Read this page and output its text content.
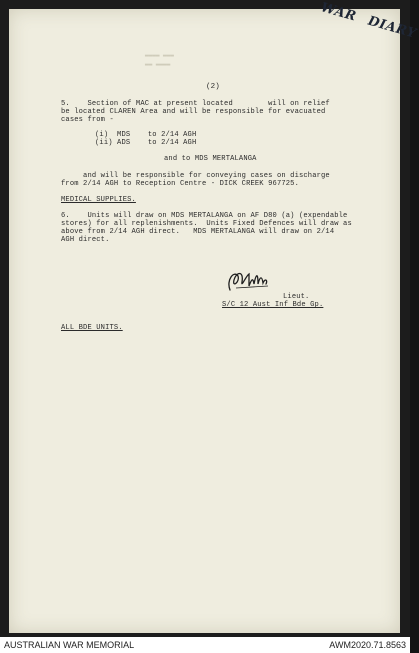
▂▂▂▂ ▂▂▂
▂▂ ▂▂▂▂
WAR
DIARY
(2)
5.    Section of MAC at present located        will on relief
be located CLAREN Area and will be responsible for evacuated
cases from -
(i)  MDS    to 2/14 AGH
(ii) ADS    to 2/14 AGH
and to MDS MERTALANGA
and will be responsible for conveying cases on discharge
from 2/14 AGH to Reception Centre - DICK CREEK 967725.
MEDICAL SUPPLIES.
6.    Units will draw on MDS MERTALANGA on AF D80 (a) (expendable
stores) for all replenishments.  Units Fixed Defences will draw as
above from 2/14 AGH direct.   MDS MERTALANGA will draw on 2/14
AGH direct.
Lieut.
S/C 12 Aust Inf Bde Gp.
ALL BDE UNITS.
AUSTRALIAN WAR MEMORIAL	AWM2020.71.8563
